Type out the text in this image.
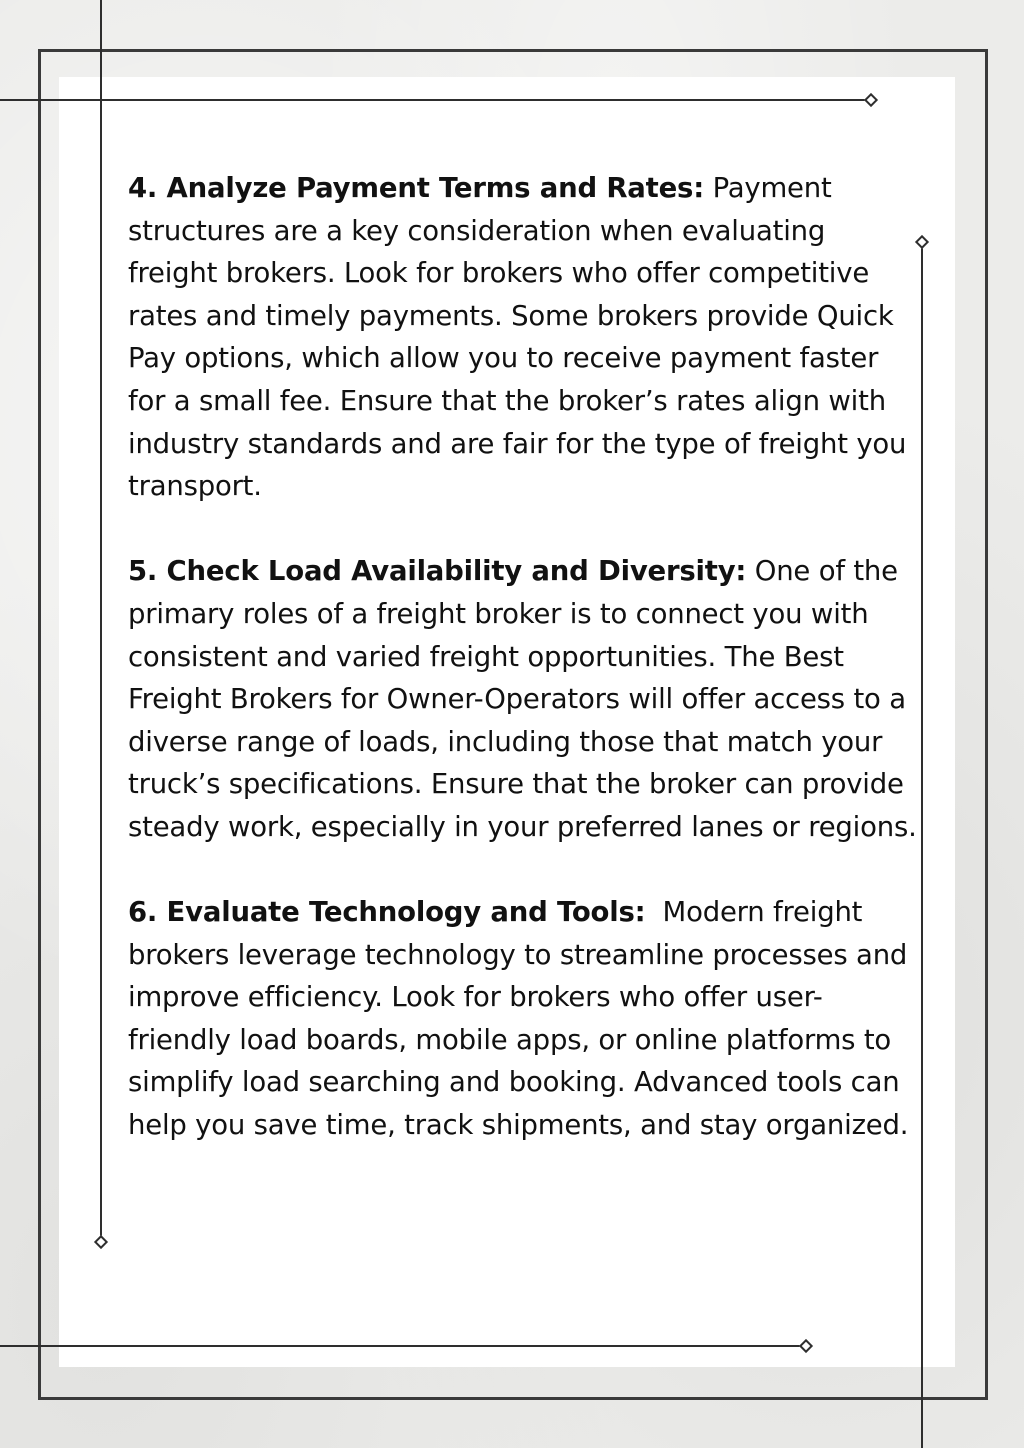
4. Analyze Payment Terms and Rates: Payment structures are a key consideration when evaluating freight brokers. Look for brokers who offer competitive rates and timely payments. Some brokers provide Quick Pay options, which allow you to receive payment faster for a small fee. Ensure that the broker’s rates align with industry standards and are fair for the type of freight you transport.

5. Check Load Availability and Diversity: One of the primary roles of a freight broker is to connect you with consistent and varied freight opportunities. The Best Freight Brokers for Owner-Operators will offer access to a diverse range of loads, including those that match your truck’s specifications. Ensure that the broker can provide steady work, especially in your preferred lanes or regions.

6. Evaluate Technology and Tools:  Modern freight brokers leverage technology to streamline processes and improve efficiency. Look for brokers who offer user-friendly load boards, mobile apps, or online platforms to simplify load searching and booking. Advanced tools can help you save time, track shipments, and stay organized.
